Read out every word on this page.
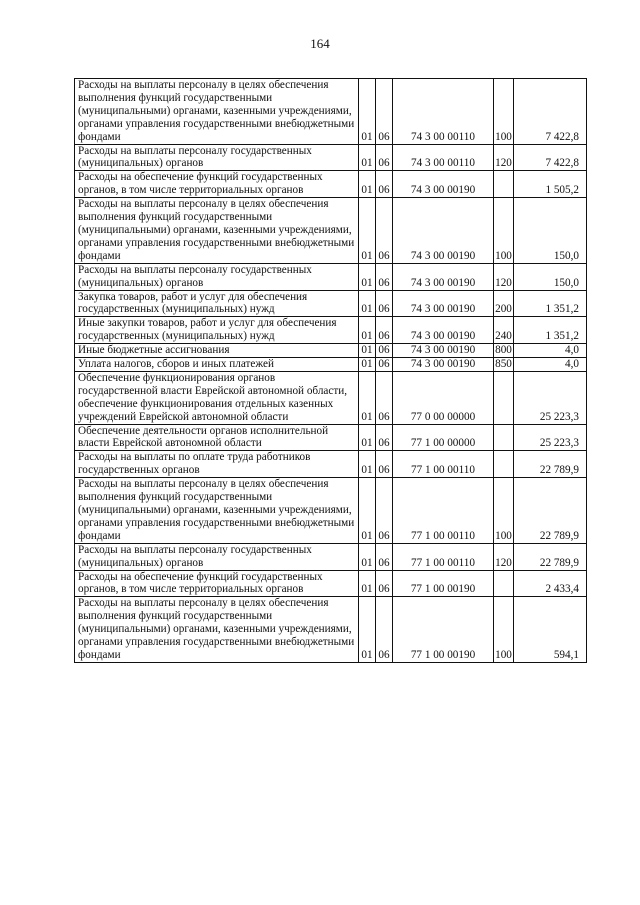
164
Расходы на выплаты персоналу в целях обеспечения выполнения функций государственными (муниципальными) органами, казенными учреждениями, органами управления государственными внебюджетными фондами	01	06	74 3 00 00110	100	7 422,8
Расходы на выплаты персоналу государственных (муниципальных) органов	01	06	74 3 00 00110	120	7 422,8
Расходы на обеспечение функций государственных органов, в том числе территориальных органов	01	06	74 3 00 00190		1 505,2
Расходы на выплаты персоналу в целях обеспечения выполнения функций государственными (муниципальными) органами, казенными учреждениями, органами управления государственными внебюджетными фондами	01	06	74 3 00 00190	100	150,0
Расходы на выплаты персоналу государственных (муниципальных) органов	01	06	74 3 00 00190	120	150,0
Закупка товаров, работ и услуг для обеспечения государственных (муниципальных) нужд	01	06	74 3 00 00190	200	1 351,2
Иные закупки товаров, работ и услуг для обеспечения государственных (муниципальных) нужд	01	06	74 3 00 00190	240	1 351,2
Иные бюджетные ассигнования	01	06	74 3 00 00190	800	4,0
Уплата налогов, сборов и иных платежей	01	06	74 3 00 00190	850	4,0
Обеспечение функционирования органов государственной власти Еврейской автономной области, обеспечение функционирования отдельных казенных учреждений Еврейской автономной области	01	06	77 0 00 00000		25 223,3
Обеспечение деятельности органов исполнительной власти Еврейской автономной области	01	06	77 1 00 00000		25 223,3
Расходы на выплаты по оплате труда работников государственных органов	01	06	77 1 00 00110		22 789,9
Расходы на выплаты персоналу в целях обеспечения выполнения функций государственными (муниципальными) органами, казенными учреждениями, органами управления государственными внебюджетными фондами	01	06	77 1 00 00110	100	22 789,9
Расходы на выплаты персоналу государственных (муниципальных) органов	01	06	77 1 00 00110	120	22 789,9
Расходы на обеспечение функций государственных органов, в том числе территориальных органов	01	06	77 1 00 00190		2 433,4
Расходы на выплаты персоналу в целях обеспечения выполнения функций государственными (муниципальными) органами, казенными учреждениями, органами управления государственными внебюджетными фондами	01	06	77 1 00 00190	100	594,1
